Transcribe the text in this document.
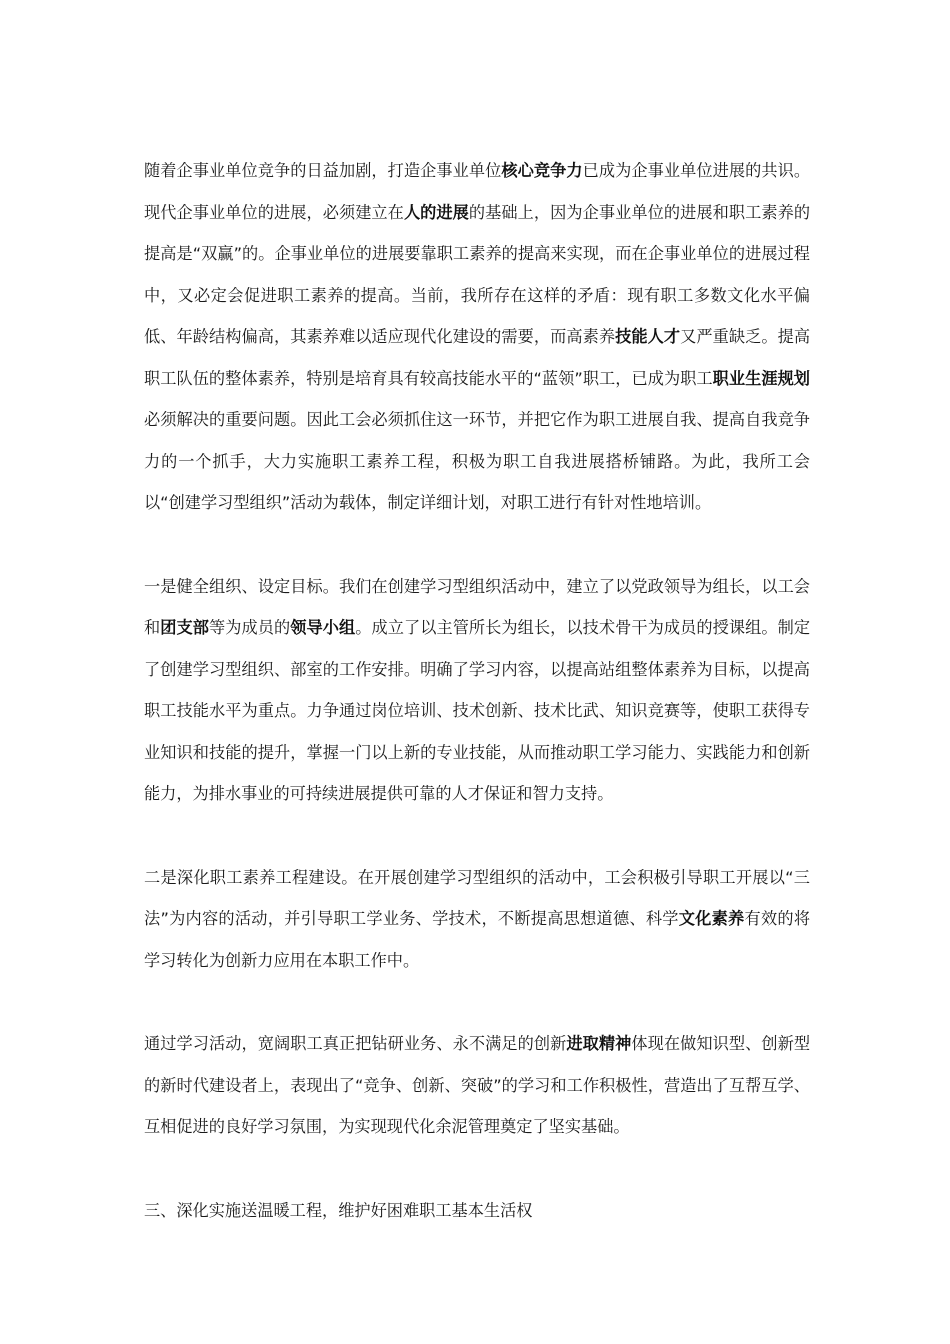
随着企事业单位竞争的日益加剧，打造企事业单位核心竞争力已成为企事业单位进展的共识。现代企事业单位的进展，必须建立在人的进展的基础上，因为企事业单位的进展和职工素养的提高是“双赢”的。企事业单位的进展要靠职工素养的提高来实现，而在企事业单位的进展过程中，又必定会促进职工素养的提高。当前，我所存在这样的矛盾：现有职工多数文化水平偏低、年龄结构偏高，其素养难以适应现代化建设的需要，而高素养技能人才又严重缺乏。提高职工队伍的整体素养，特别是培育具有较高技能水平的“蓝领”职工，已成为职工职业生涯规划必须解决的重要问题。因此工会必须抓住这一环节，并把它作为职工进展自我、提高自我竞争力的一个抓手，大力实施职工素养工程，积极为职工自我进展搭桥铺路。为此，我所工会以“创建学习型组织”活动为载体，制定详细计划，对职工进行有针对性地培训。

一是健全组织、设定目标。我们在创建学习型组织活动中，建立了以党政领导为组长，以工会和团支部等为成员的领导小组。成立了以主管所长为组长，以技术骨干为成员的授课组。制定了创建学习型组织、部室的工作安排。明确了学习内容，以提高站组整体素养为目标，以提高职工技能水平为重点。力争通过岗位培训、技术创新、技术比武、知识竞赛等，使职工获得专业知识和技能的提升，掌握一门以上新的专业技能，从而推动职工学习能力、实践能力和创新能力，为排水事业的可持续进展提供可靠的人才保证和智力支持。

二是深化职工素养工程建设。在开展创建学习型组织的活动中，工会积极引导职工开展以“三法”为内容的活动，并引导职工学业务、学技术，不断提高思想道德、科学文化素养有效的将学习转化为创新力应用在本职工作中。

通过学习活动，宽阔职工真正把钻研业务、永不满足的创新进取精神体现在做知识型、创新型的新时代建设者上，表现出了“竞争、创新、突破”的学习和工作积极性，营造出了互帮互学、互相促进的良好学习氛围，为实现现代化余泥管理奠定了坚实基础。

三、深化实施送温暖工程，维护好困难职工基本生活权
